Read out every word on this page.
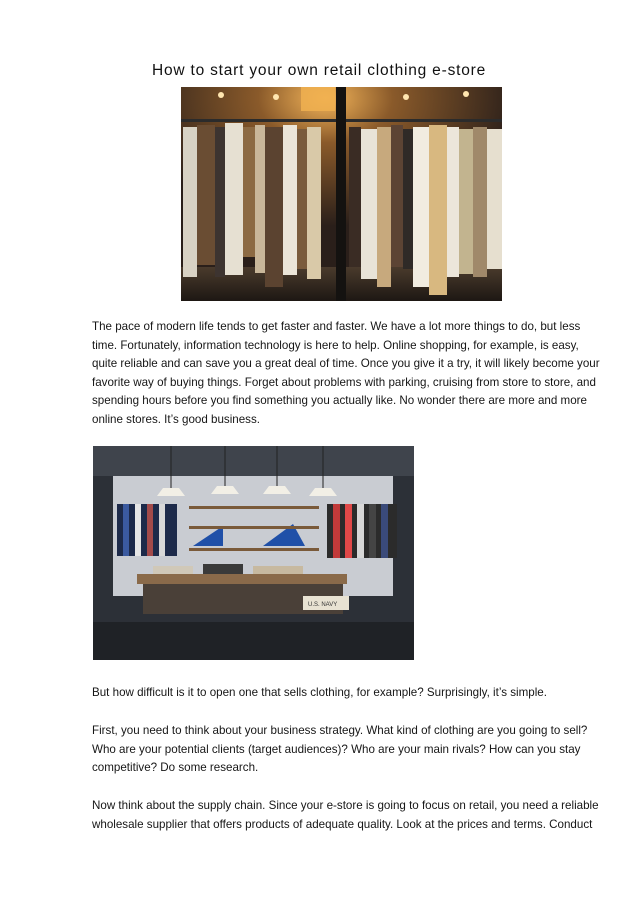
How to start your own retail clothing e-store

The pace of modern life tends to get faster and faster. We have a lot more things to do, but less time. Fortunately, information technology is here to help. Online shopping, for example, is easy, quite reliable and can save you a great deal of time. Once you give it a try, it will likely become your favorite way of buying things. Forget about problems with parking, cruising from store to store, and spending hours before you find something you actually like. No wonder there are more and more online stores. It’s good business.

U.S. NAVY

But how difficult is it to open one that sells clothing, for example? Surprisingly, it’s simple.

First, you need to think about your business strategy. What kind of clothing are you going to sell? Who are your potential clients (target audiences)? Who are your main rivals? How can you stay competitive? Do some research.

Now think about the supply chain. Since your e-store is going to focus on retail, you need a reliable wholesale supplier that offers products of adequate quality. Look at the prices and terms. Conduct
